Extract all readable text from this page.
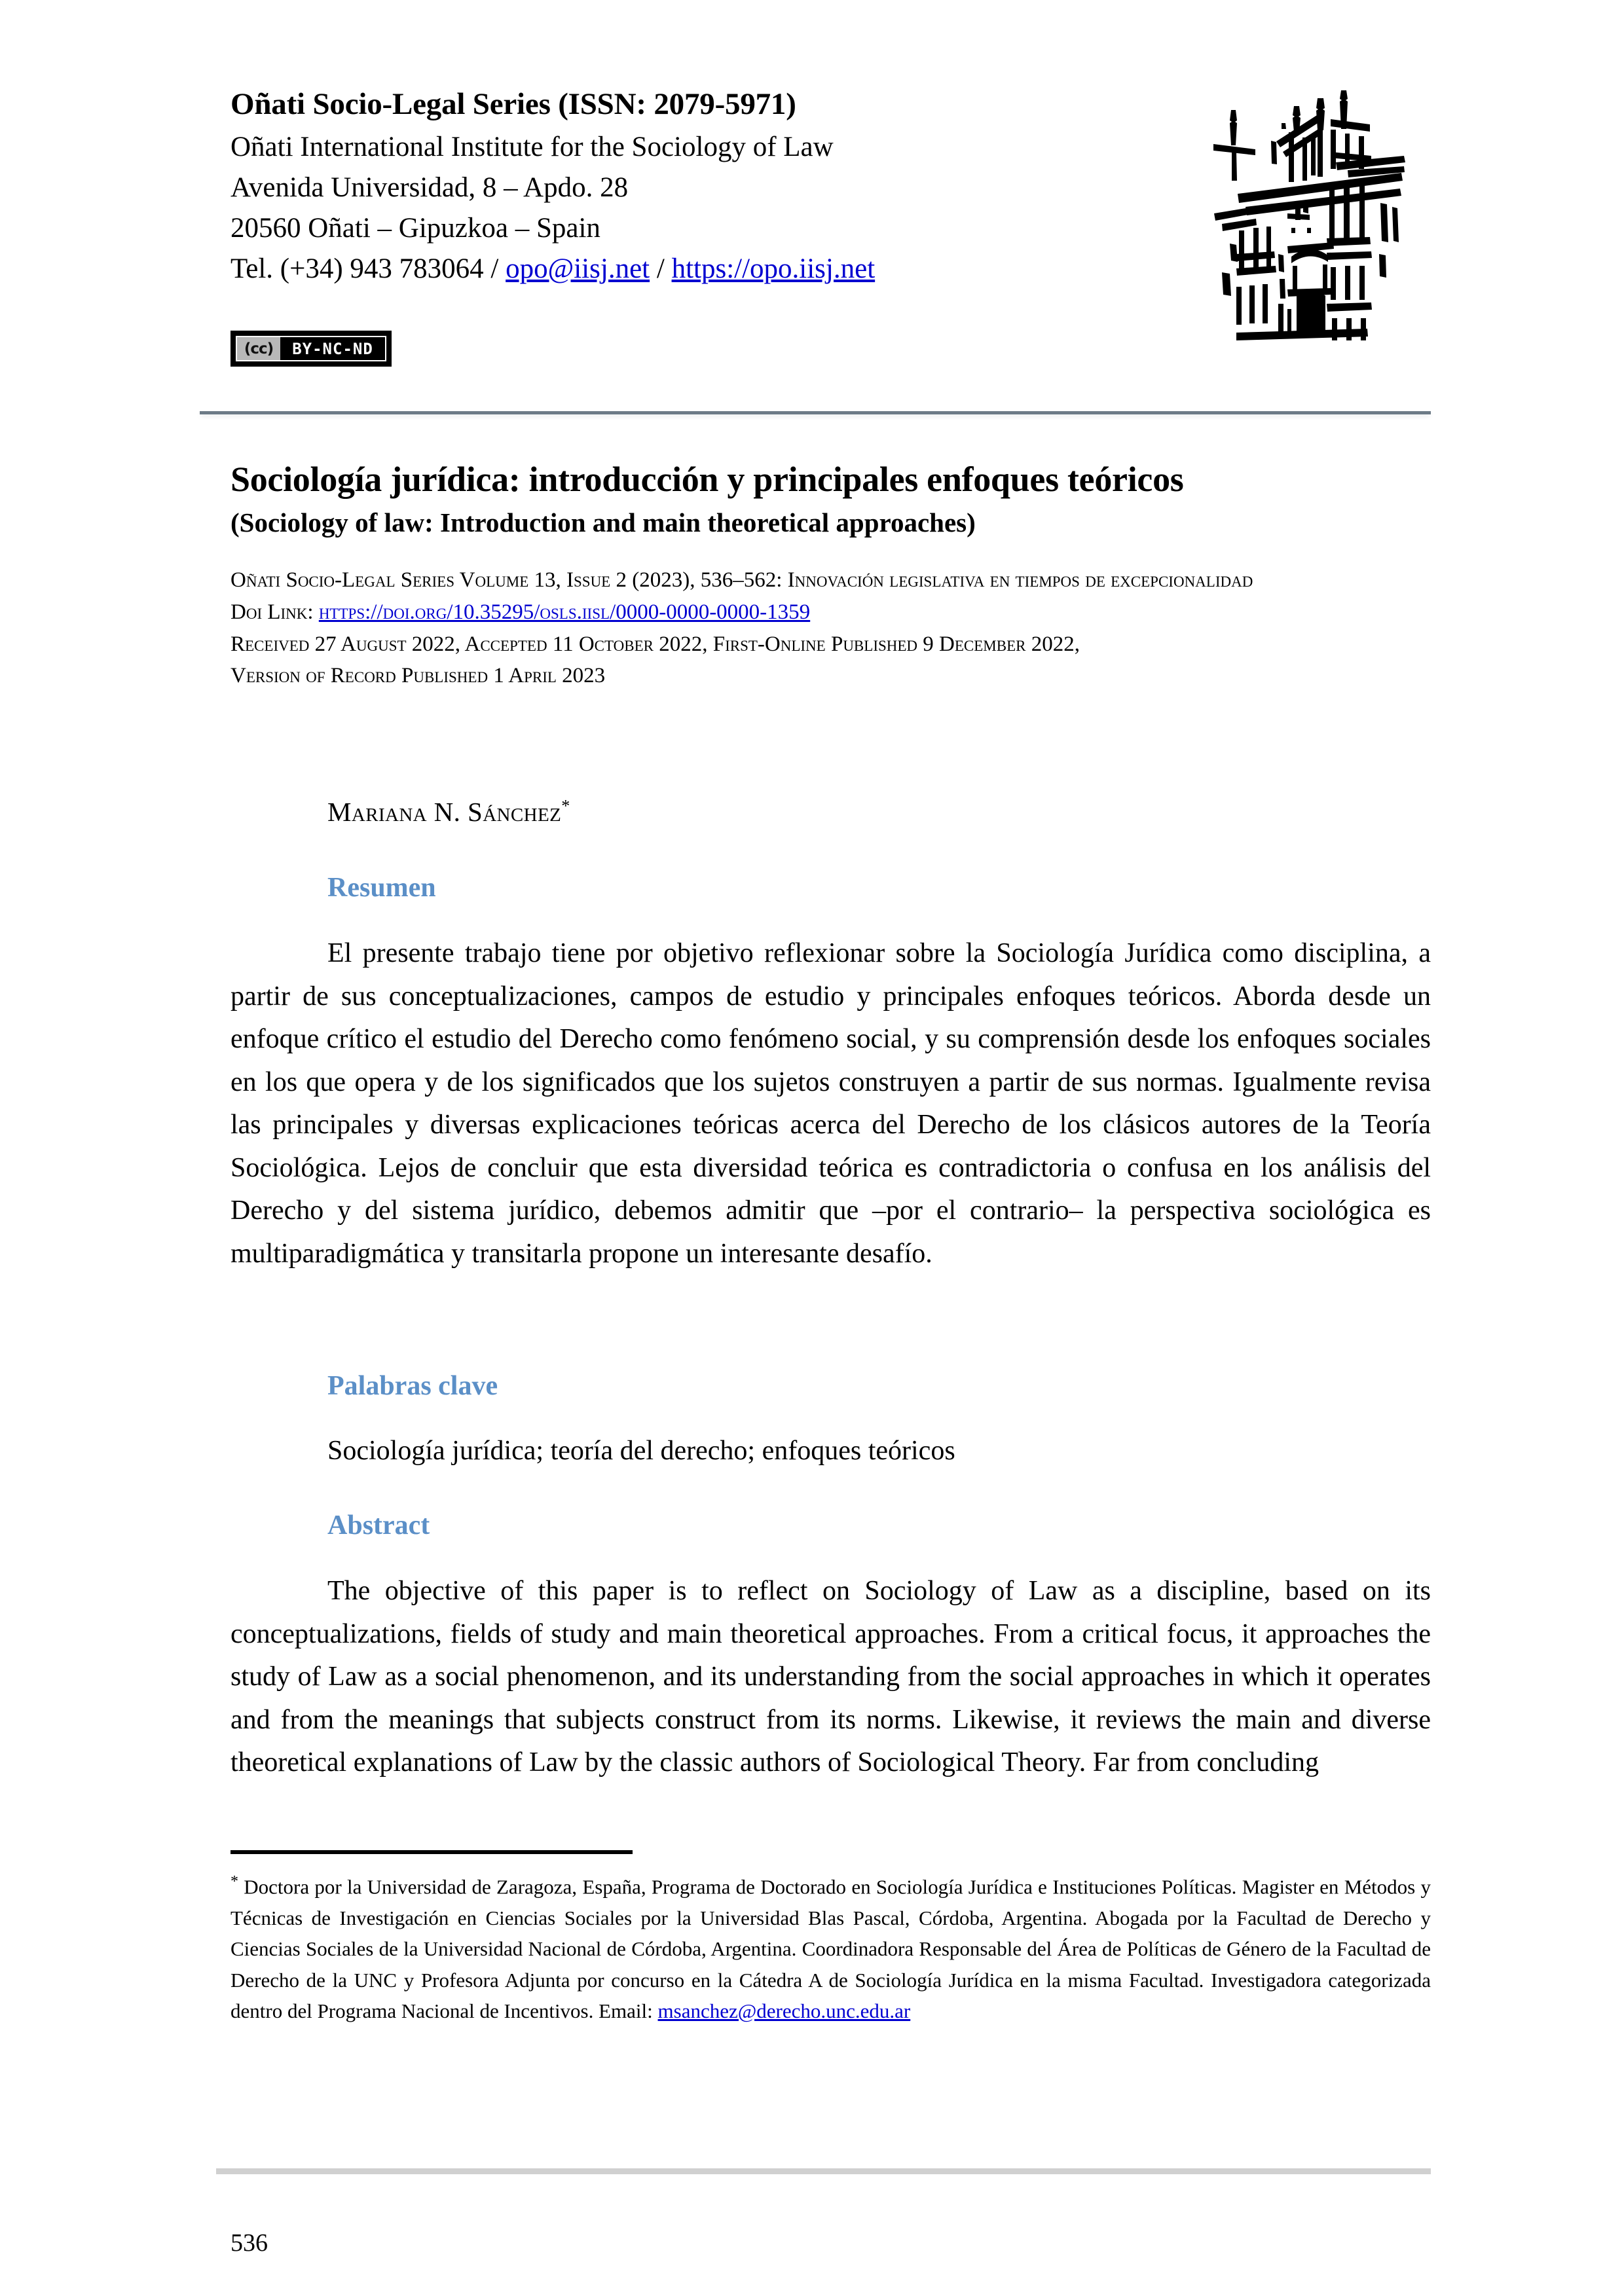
Oñati Socio-Legal Series (ISSN: 2079-5971)

Oñati International Institute for the Sociology of Law

Avenida Universidad, 8 – Apdo. 28

20560 Oñati – Gipuzkoa – Spain

Tel. (+34) 943 783064 / opo@iisj.net / https://opo.iisj.net

(cc)	BY-NC-ND
Sociología jurídica: introducción y principales enfoques teóricos
(Sociology of law: Introduction and main theoretical approaches)

Oñati Socio-Legal Series Volume 13, Issue 2 (2023), 536–562: Innovación legislativa en tiempos de excepcionalidad

Doi Link: https://doi.org/10.35295/osls.iisl/0000-0000-0000-1359

Received 27 August 2022, Accepted 11 October 2022, First-Online Published 9 December 2022,

Version of Record Published 1 April 2023

Mariana N. Sánchez*
Resumen

El presente trabajo tiene por objetivo reflexionar sobre la Sociología Jurídica como disciplina, a partir de sus conceptualizaciones, campos de estudio y principales enfoques teóricos. Aborda desde un enfoque crítico el estudio del Derecho como fenómeno social, y su comprensión desde los enfoques sociales en los que opera y de los significados que los sujetos construyen a partir de sus normas. Igualmente revisa las principales y diversas explicaciones teóricas acerca del Derecho de los clásicos autores de la Teoría Sociológica. Lejos de concluir que esta diversidad teórica es contradictoria o confusa en los análisis del Derecho y del sistema jurídico, debemos admitir que –por el contrario– la perspectiva sociológica es multiparadigmática y transitarla propone un interesante desafío.

Palabras clave

Sociología jurídica; teoría del derecho; enfoques teóricos

Abstract

The objective of this paper is to reflect on Sociology of Law as a discipline, based on its conceptualizations, fields of study and main theoretical approaches. From a critical focus, it approaches the study of Law as a social phenomenon, and its understanding from the social approaches in which it operates and from the meanings that subjects construct from its norms. Likewise, it reviews the main and diverse theoretical explanations of Law by the classic authors of Sociological Theory. Far from concluding

* Doctora por la Universidad de Zaragoza, España, Programa de Doctorado en Sociología Jurídica e Instituciones Políticas. Magister en Métodos y Técnicas de Investigación en Ciencias Sociales por la Universidad Blas Pascal, Córdoba, Argentina. Abogada por la Facultad de Derecho y Ciencias Sociales de la Universidad Nacional de Córdoba, Argentina. Coordinadora Responsable del Área de Políticas de Género de la Facultad de Derecho de la UNC y Profesora Adjunta por concurso en la Cátedra A de Sociología Jurídica en la misma Facultad. Investigadora categorizada dentro del Programa Nacional de Incentivos. Email: msanchez@derecho.unc.edu.ar

536
